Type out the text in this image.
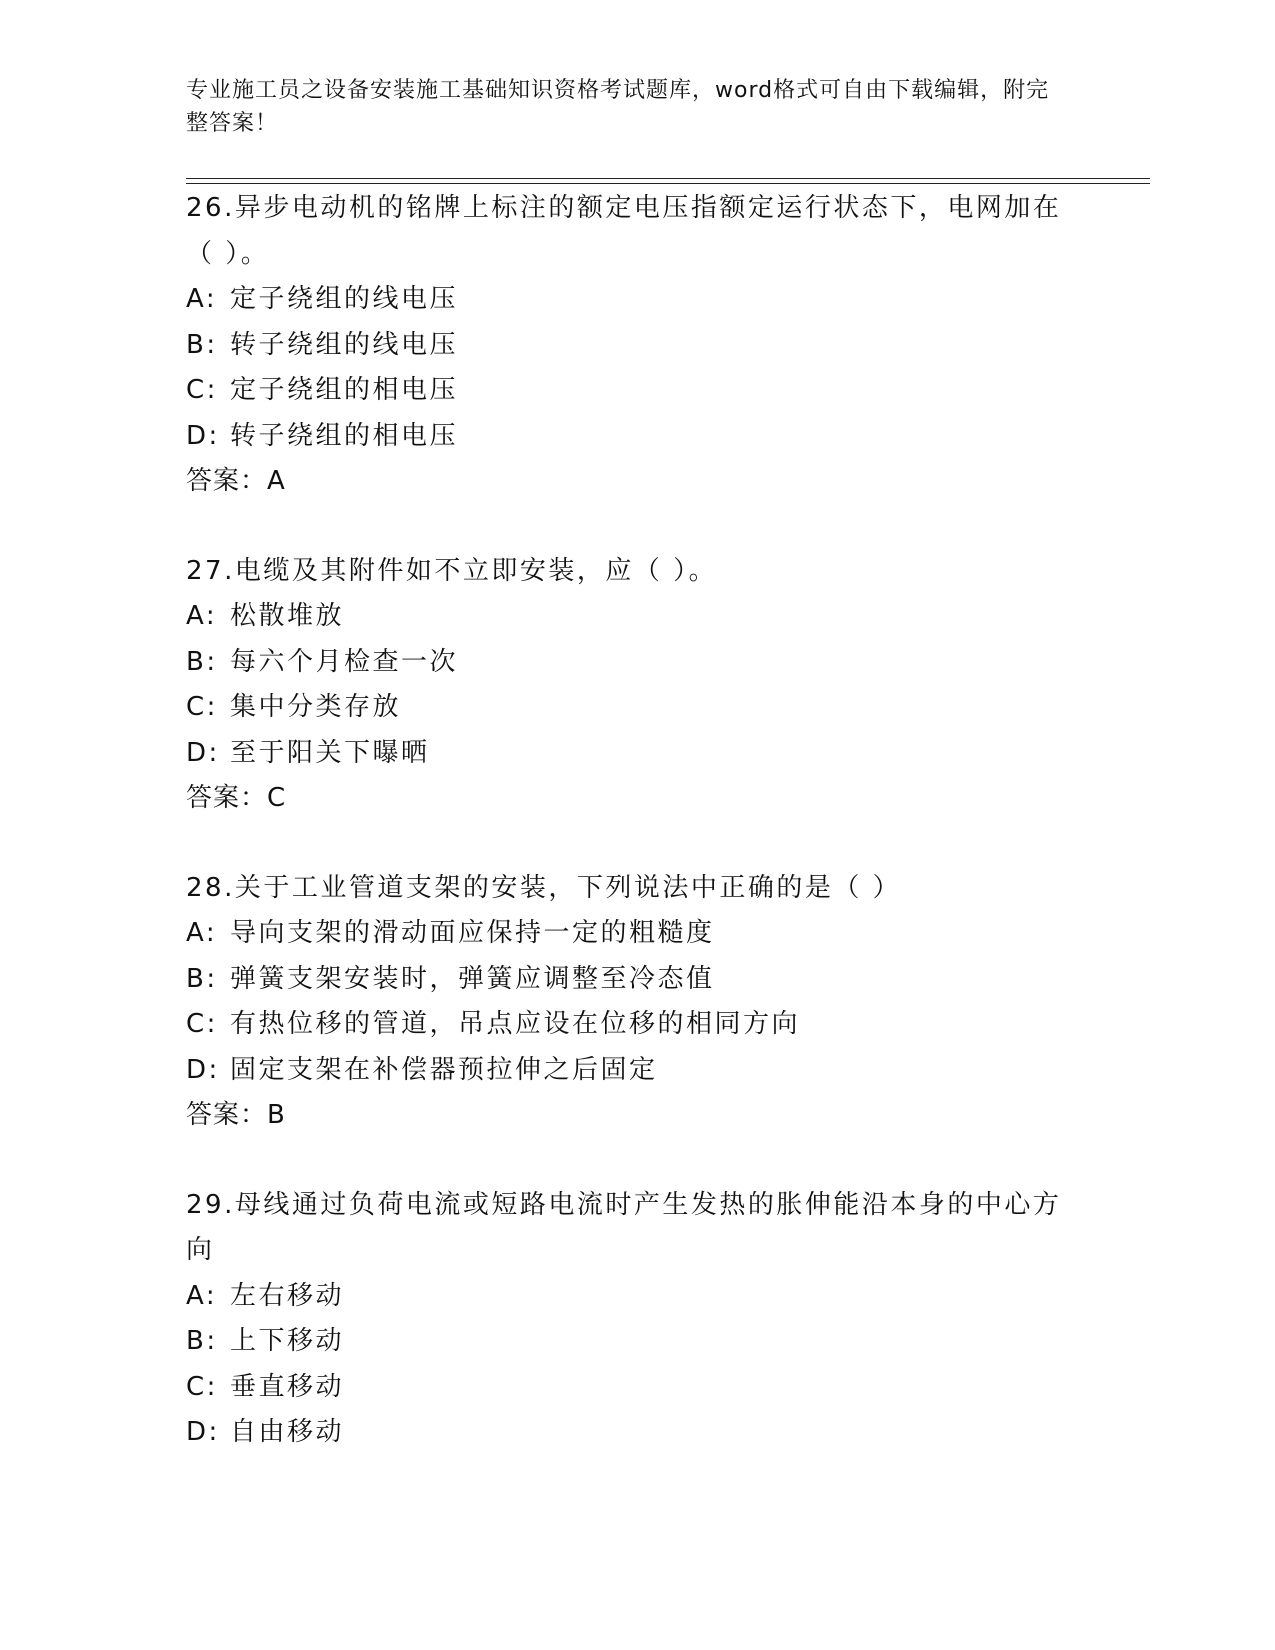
专业施工员之设备安装施工基础知识资格考试题库，word格式可自由下载编辑，附完整答案！
26.异步电动机的铭牌上标注的额定电压指额定运行状态下，电网加在（ ）。
A: 定子绕组的线电压
B: 转子绕组的线电压
C: 定子绕组的相电压
D: 转子绕组的相电压
答案：A
27.电缆及其附件如不立即安装，应（ ）。
A: 松散堆放
B: 每六个月检查一次
C: 集中分类存放
D: 至于阳关下曝晒
答案：C
28.关于工业管道支架的安装，下列说法中正确的是（ ）
A: 导向支架的滑动面应保持一定的粗糙度
B: 弹簧支架安装时，弹簧应调整至冷态值
C: 有热位移的管道，吊点应设在位移的相同方向
D: 固定支架在补偿器预拉伸之后固定
答案：B
29.母线通过负荷电流或短路电流时产生发热的胀伸能沿本身的中心方向
A: 左右移动
B: 上下移动
C: 垂直移动
D: 自由移动
